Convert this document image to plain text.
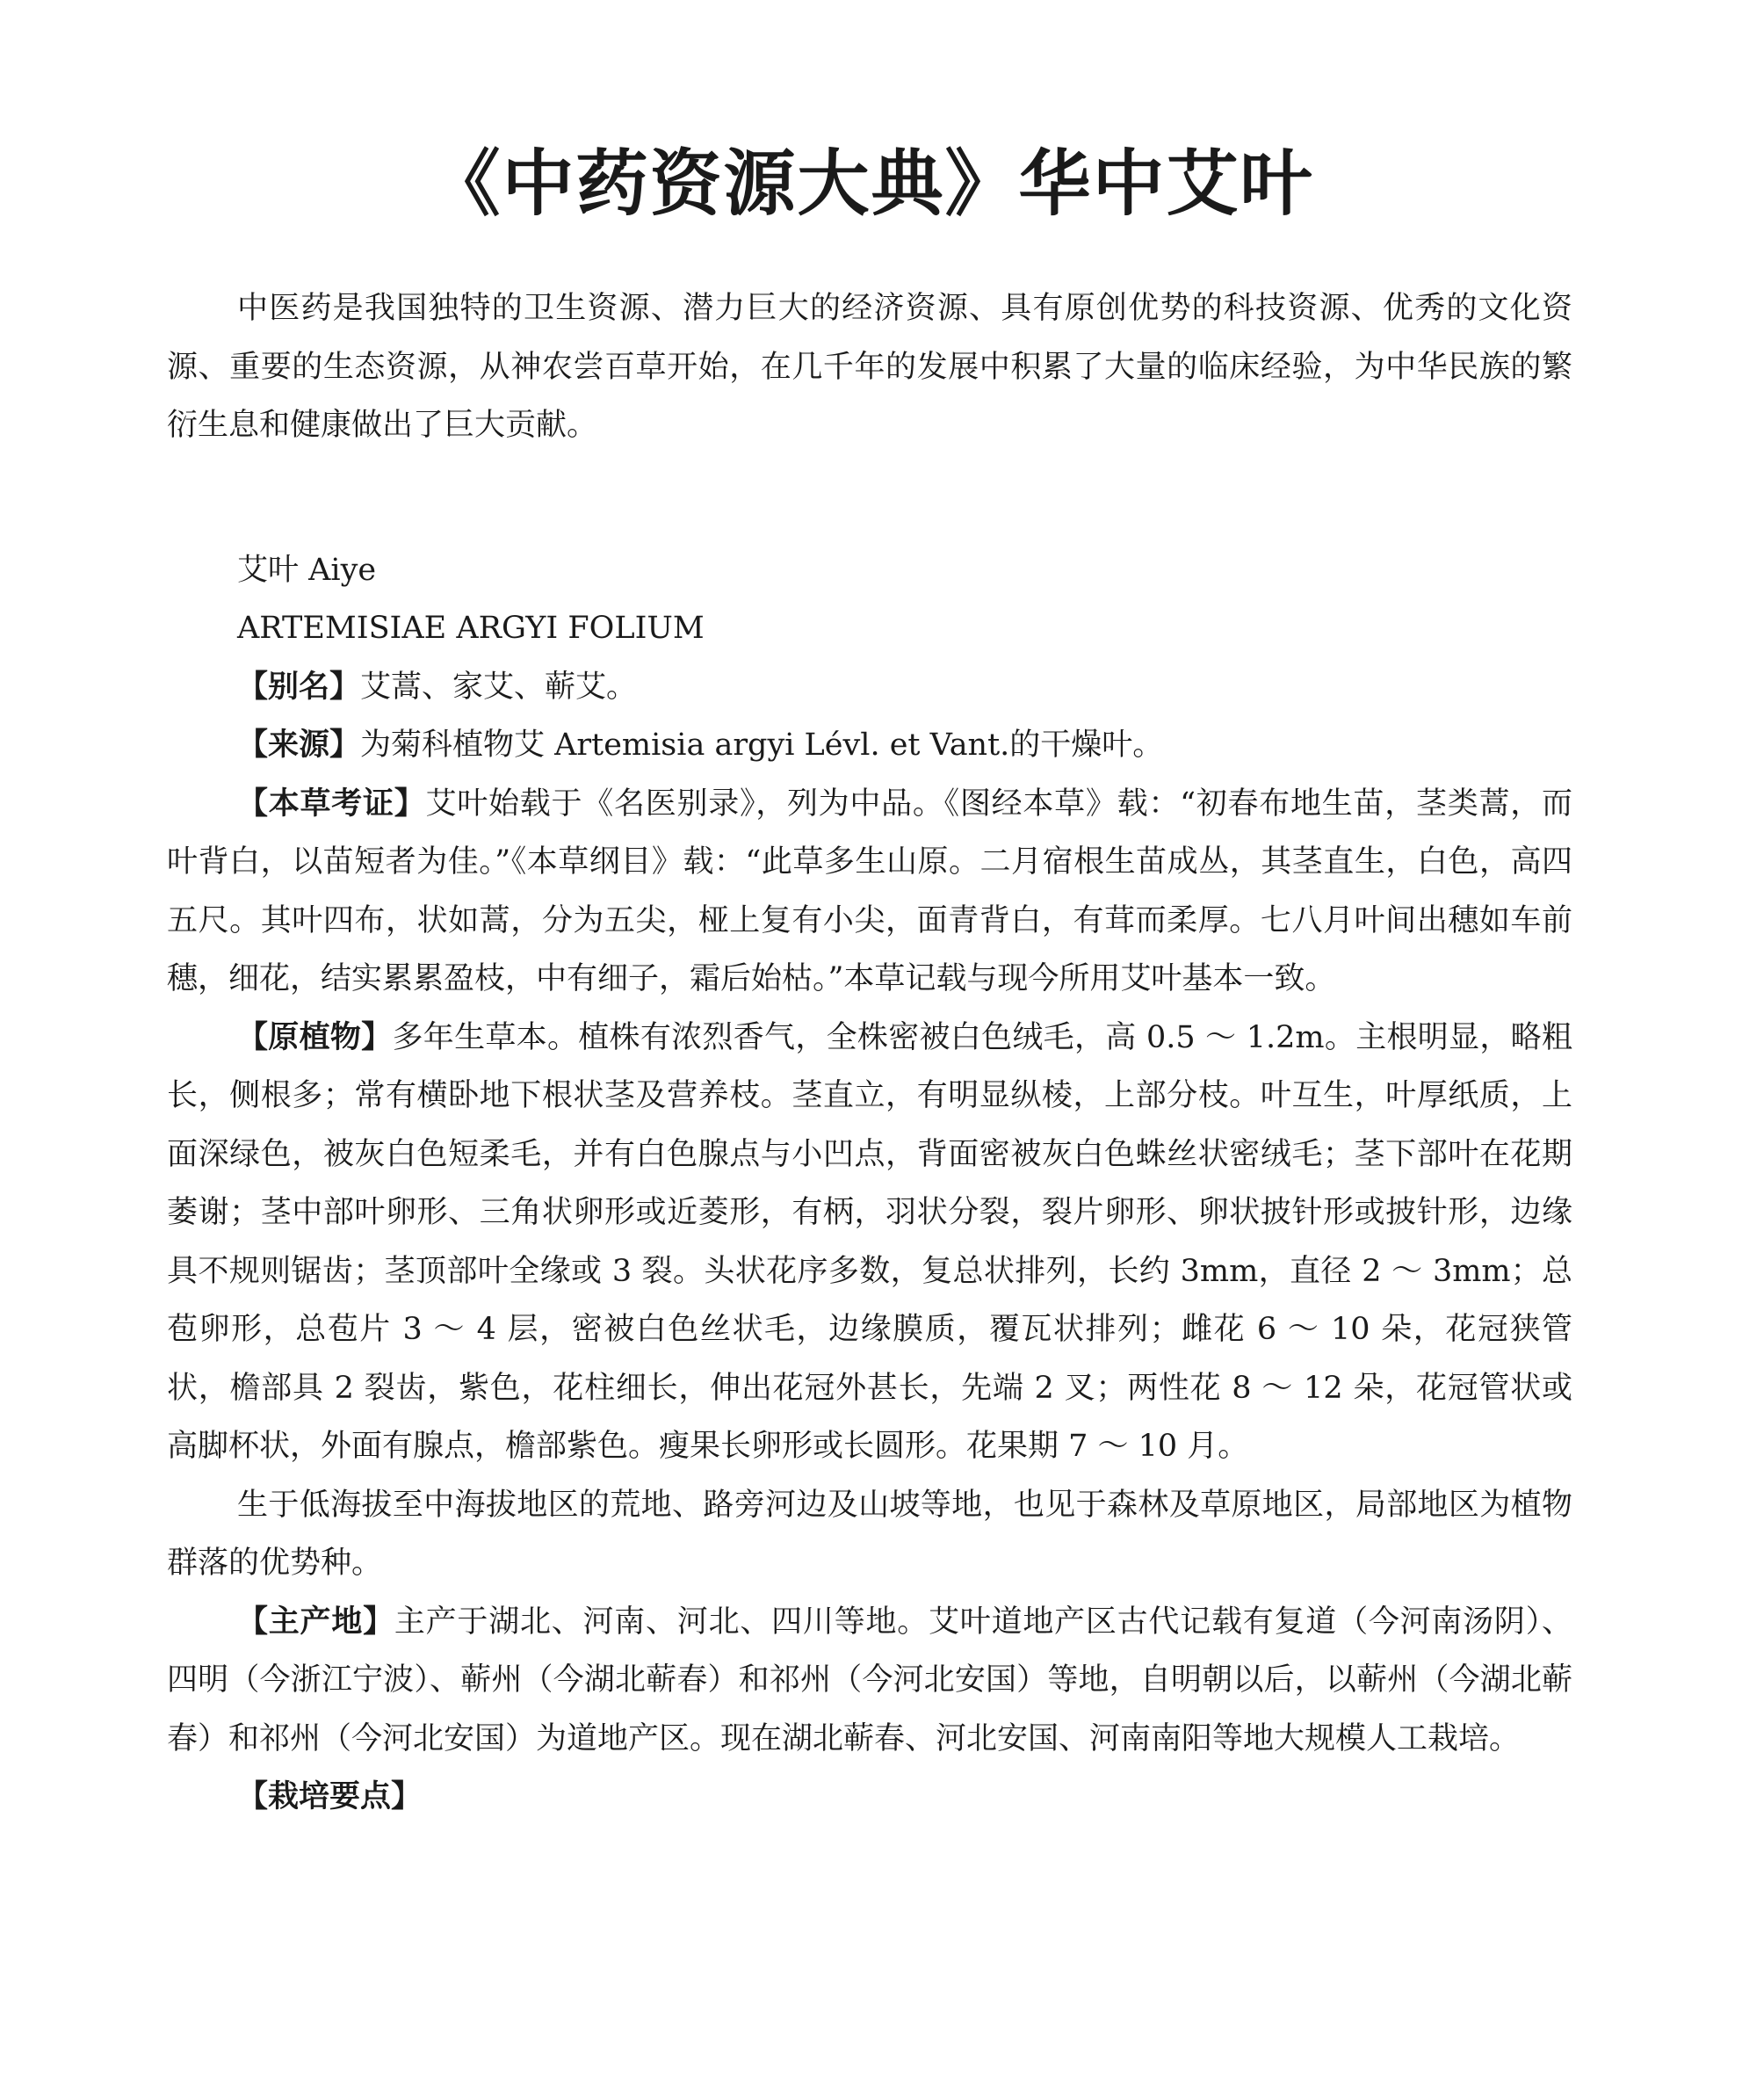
《中药资源大典》华中艾叶

中医药是我国独特的卫生资源、潜力巨大的经济资源、具有原创优势的科技资源、优秀的文化资源、重要的生态资源，从神农尝百草开始，在几千年的发展中积累了大量的临床经验，为中华民族的繁衍生息和健康做出了巨大贡献。

艾叶 Aiye

ARTEMISIAE ARGYI FOLIUM

【别名】艾蒿、家艾、蕲艾。

【来源】为菊科植物艾 Artemisia argyi Lévl. et Vant.的干燥叶。

【本草考证】艾叶始载于《名医别录》，列为中品。《图经本草》载：“初春布地生苗，茎类蒿，而叶背白，以苗短者为佳。”《本草纲目》载：“此草多生山原。二月宿根生苗成丛，其茎直生，白色，高四五尺。其叶四布，状如蒿，分为五尖，桠上复有小尖，面青背白，有茸而柔厚。七八月叶间出穗如车前穗，细花，结实累累盈枝，中有细子，霜后始枯。”本草记载与现今所用艾叶基本一致。

【原植物】多年生草本。植株有浓烈香气，全株密被白色绒毛，高 0.5 ～ 1.2m。主根明显，略粗长，侧根多；常有横卧地下根状茎及营养枝。茎直立，有明显纵棱，上部分枝。叶互生，叶厚纸质，上面深绿色，被灰白色短柔毛，并有白色腺点与小凹点，背面密被灰白色蛛丝状密绒毛；茎下部叶在花期萎谢；茎中部叶卵形、三角状卵形或近菱形，有柄，羽状分裂，裂片卵形、卵状披针形或披针形，边缘具不规则锯齿；茎顶部叶全缘或 3 裂。头状花序多数，复总状排列，长约 3mm，直径 2 ～ 3mm；总苞卵形，总苞片 3 ～ 4 层，密被白色丝状毛，边缘膜质，覆瓦状排列；雌花 6 ～ 10 朵，花冠狭管状，檐部具 2 裂齿，紫色，花柱细长，伸出花冠外甚长，先端 2 叉；两性花 8 ～ 12 朵，花冠管状或高脚杯状，外面有腺点，檐部紫色。瘦果长卵形或长圆形。花果期 7 ～ 10 月。

生于低海拔至中海拔地区的荒地、路旁河边及山坡等地，也见于森林及草原地区，局部地区为植物群落的优势种。

【主产地】主产于湖北、河南、河北、四川等地。艾叶道地产区古代记载有复道（今河南汤阴）、四明（今浙江宁波）、蕲州（今湖北蕲春）和祁州（今河北安国）等地，自明朝以后，以蕲州（今湖北蕲春）和祁州（今河北安国）为道地产区。现在湖北蕲春、河北安国、河南南阳等地大规模人工栽培。

【栽培要点】
